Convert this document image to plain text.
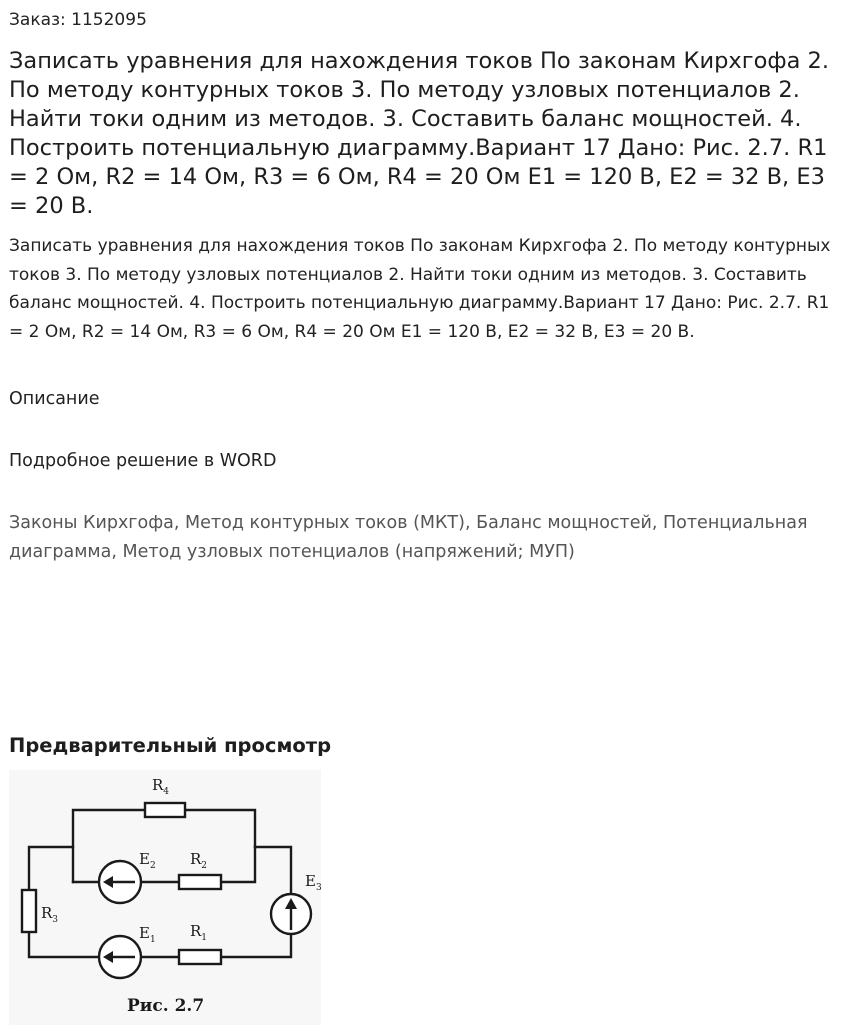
Заказ: 1152095
Записать уравнения для нахождения токов По законам Кирхгофа 2. По методу контурных токов 3. По методу узловых потенциалов 2. Найти токи одним из методов. 3. Составить баланс мощностей. 4. Построить потенциальную диаграмму.Вариант 17 Дано: Рис. 2.7. R1 = 2 Ом, R2 = 14 Ом, R3 = 6 Ом, R4 = 20 Ом E1 = 120 В, E2 = 32 В, E3 = 20 В.

Записать уравнения для нахождения токов По законам Кирхгофа 2. По методу контурных токов 3. По методу узловых потенциалов 2. Найти токи одним из методов. 3. Составить баланс мощностей. 4. Построить потенциальную диаграмму.Вариант 17 Дано: Рис. 2.7. R1 = 2 Ом, R2 = 14 Ом, R3 = 6 Ом, R4 = 20 Ом E1 = 120 В, E2 = 32 В, E3 = 20 В.

Описание
Подробное решение в WORD
Законы Кирхгофа, Метод контурных токов (МКТ), Баланс мощностей, Потенциальная диаграмма, Метод узловых потенциалов (напряжений; МУП)
Предварительный просмотр
$R_4$
$E_2$ $R_2$
$E_3$
$R_3$
$E_1$ $R_1$
Рис. 2.7
